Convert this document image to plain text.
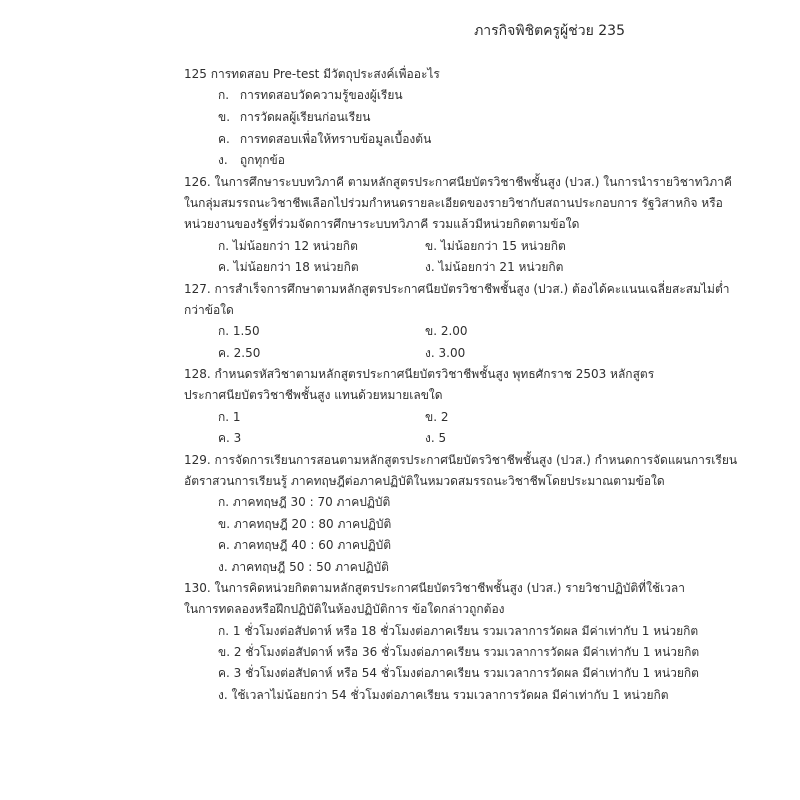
ภารกิจพิชิตครูผู้ช่วย 235
125 การทดสอบ Pre-test มีวัตถุประสงค์เพื่ออะไร
ก. การทดสอบวัดความรู้ของผู้เรียน
ข. การวัดผลผู้เรียนก่อนเรียน
ค. การทดสอบเพื่อให้ทราบข้อมูลเบื้องต้น
ง. ถูกทุกข้อ
126. ในการศึกษาระบบทวิภาคี ตามหลักสูตรประกาศนียบัตรวิชาชีพชั้นสูง (ปวส.) ในการนำรายวิชาทวิภาคี
ในกลุ่มสมรรถนะวิชาชีพเลือกไปร่วมกำหนดรายละเอียดของรายวิชากับสถานประกอบการ รัฐวิสาหกิจ หรือ
หน่วยงานของรัฐที่ร่วมจัดการศึกษาระบบทวิภาคี รวมแล้วมีหน่วยกิตตามข้อใด
ก. ไม่น้อยกว่า 12 หน่วยกิต	ข. ไม่น้อยกว่า 15 หน่วยกิต
ค. ไม่น้อยกว่า 18 หน่วยกิต	ง. ไม่น้อยกว่า 21 หน่วยกิต
127. การสำเร็จการศึกษาตามหลักสูตรประกาศนียบัตรวิชาชีพชั้นสูง (ปวส.) ต้องได้คะแนนเฉลี่ยสะสมไม่ต่ำ
กว่าข้อใด
ก. 1.50	ข. 2.00
ค. 2.50	ง. 3.00
128. กำหนดรหัสวิชาตามหลักสูตรประกาศนียบัตรวิชาชีพชั้นสูง พุทธศักราช 2503 หลักสูตร
ประกาศนียบัตรวิชาชีพชั้นสูง แทนด้วยหมายเลขใด
ก. 1	ข. 2
ค. 3	ง. 5
129. การจัดการเรียนการสอนตามหลักสูตรประกาศนียบัตรวิชาชีพชั้นสูง (ปวส.) กำหนดการจัดแผนการเรียน
อัตราสวนการเรียนรู้ ภาคทฤษฎีต่อภาคปฏิบัติในหมวดสมรรถนะวิชาชีพโดยประมาณตามข้อใด
ก. ภาคทฤษฎี 30 : 70 ภาคปฏิบัติ
ข. ภาคทฤษฎี 20 : 80 ภาคปฏิบัติ
ค. ภาคทฤษฎี 40 : 60 ภาคปฏิบัติ
ง. ภาคทฤษฎี 50 : 50 ภาคปฏิบัติ
130. ในการคิดหน่วยกิตตามหลักสูตรประกาศนียบัตรวิชาชีพชั้นสูง (ปวส.) รายวิชาปฏิบัติที่ใช้เวลา
ในการทดลองหรือฝึกปฏิบัติในห้องปฏิบัติการ ข้อใดกล่าวถูกต้อง
ก. 1 ชั่วโมงต่อสัปดาห์ หรือ 18 ชั่วโมงต่อภาคเรียน รวมเวลาการวัดผล มีค่าเท่ากับ 1 หน่วยกิต
ข. 2 ชั่วโมงต่อสัปดาห์ หรือ 36 ชั่วโมงต่อภาคเรียน รวมเวลาการวัดผล มีค่าเท่ากับ 1 หน่วยกิต
ค. 3 ชั่วโมงต่อสัปดาห์ หรือ 54 ชั่วโมงต่อภาคเรียน รวมเวลาการวัดผล มีค่าเท่ากับ 1 หน่วยกิต
ง. ใช้เวลาไม่น้อยกว่า 54 ชั่วโมงต่อภาคเรียน รวมเวลาการวัดผล มีค่าเท่ากับ 1 หน่วยกิต
